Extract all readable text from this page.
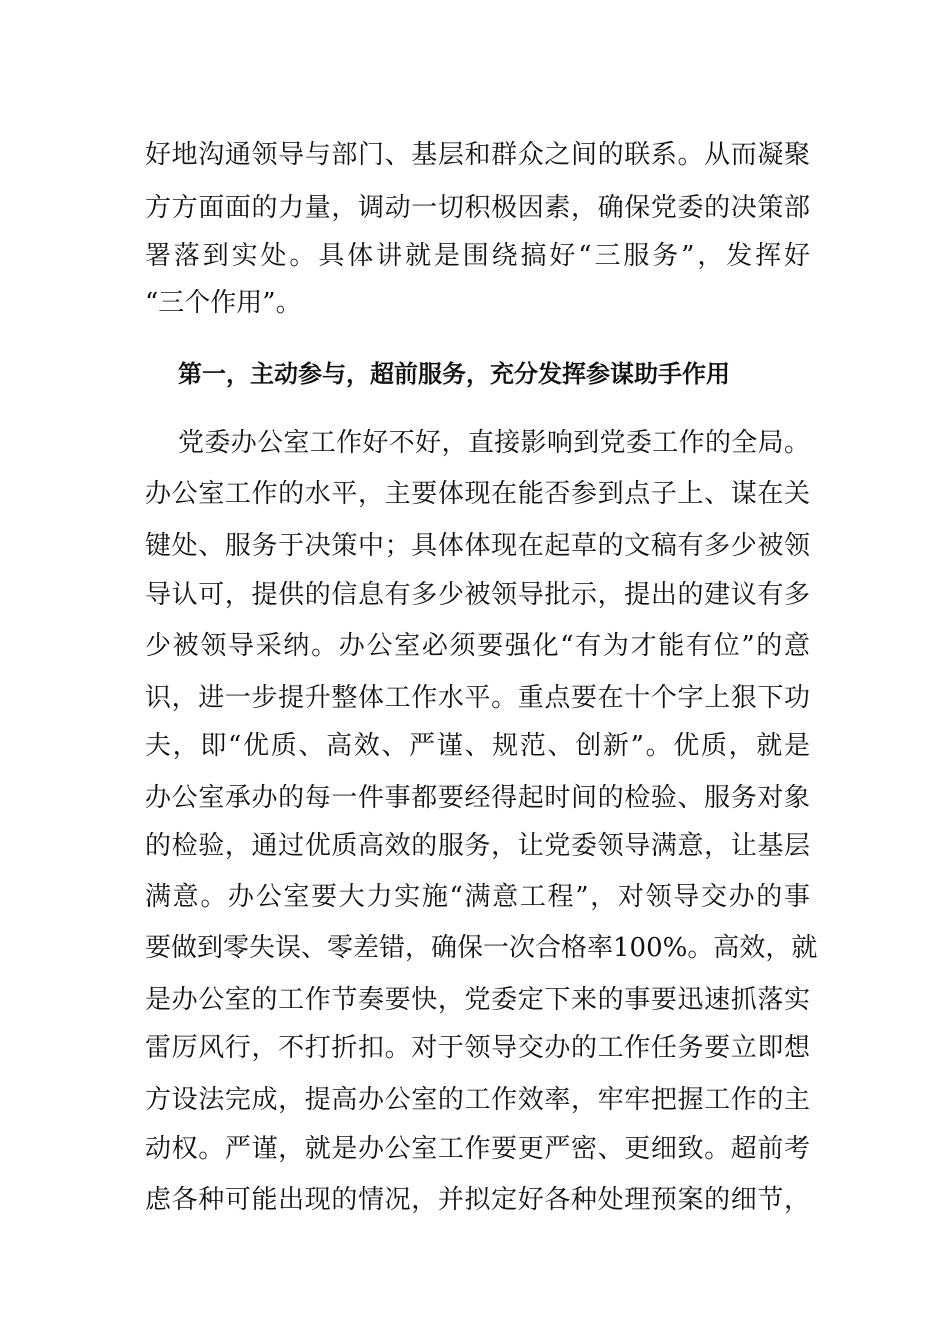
好地沟通领导与部门、基层和群众之间的联系。从而凝聚
方方面面的力量，调动一切积极因素，确保党委的决策部
署落到实处。具体讲就是围绕搞好“三服务”，发挥好
“三个作用”。
第一，主动参与，超前服务，充分发挥参谋助手作用
党委办公室工作好不好，直接影响到党委工作的全局。
办公室工作的水平，主要体现在能否参到点子上、谋在关
键处、服务于决策中；具体体现在起草的文稿有多少被领
导认可，提供的信息有多少被领导批示，提出的建议有多
少被领导采纳。办公室必须要强化“有为才能有位”的意
识，进一步提升整体工作水平。重点要在十个字上狠下功
夫，即“优质、高效、严谨、规范、创新”。优质，就是
办公室承办的每一件事都要经得起时间的检验、服务对象
的检验，通过优质高效的服务，让党委领导满意，让基层
满意。办公室要大力实施“满意工程”，对领导交办的事
要做到零失误、零差错，确保一次合格率100%。高效，就
是办公室的工作节奏要快，党委定下来的事要迅速抓落实
雷厉风行，不打折扣。对于领导交办的工作任务要立即想
方设法完成，提高办公室的工作效率，牢牢把握工作的主
动权。严谨，就是办公室工作要更严密、更细致。超前考
虑各种可能出现的情况，并拟定好各种处理预案的细节，
